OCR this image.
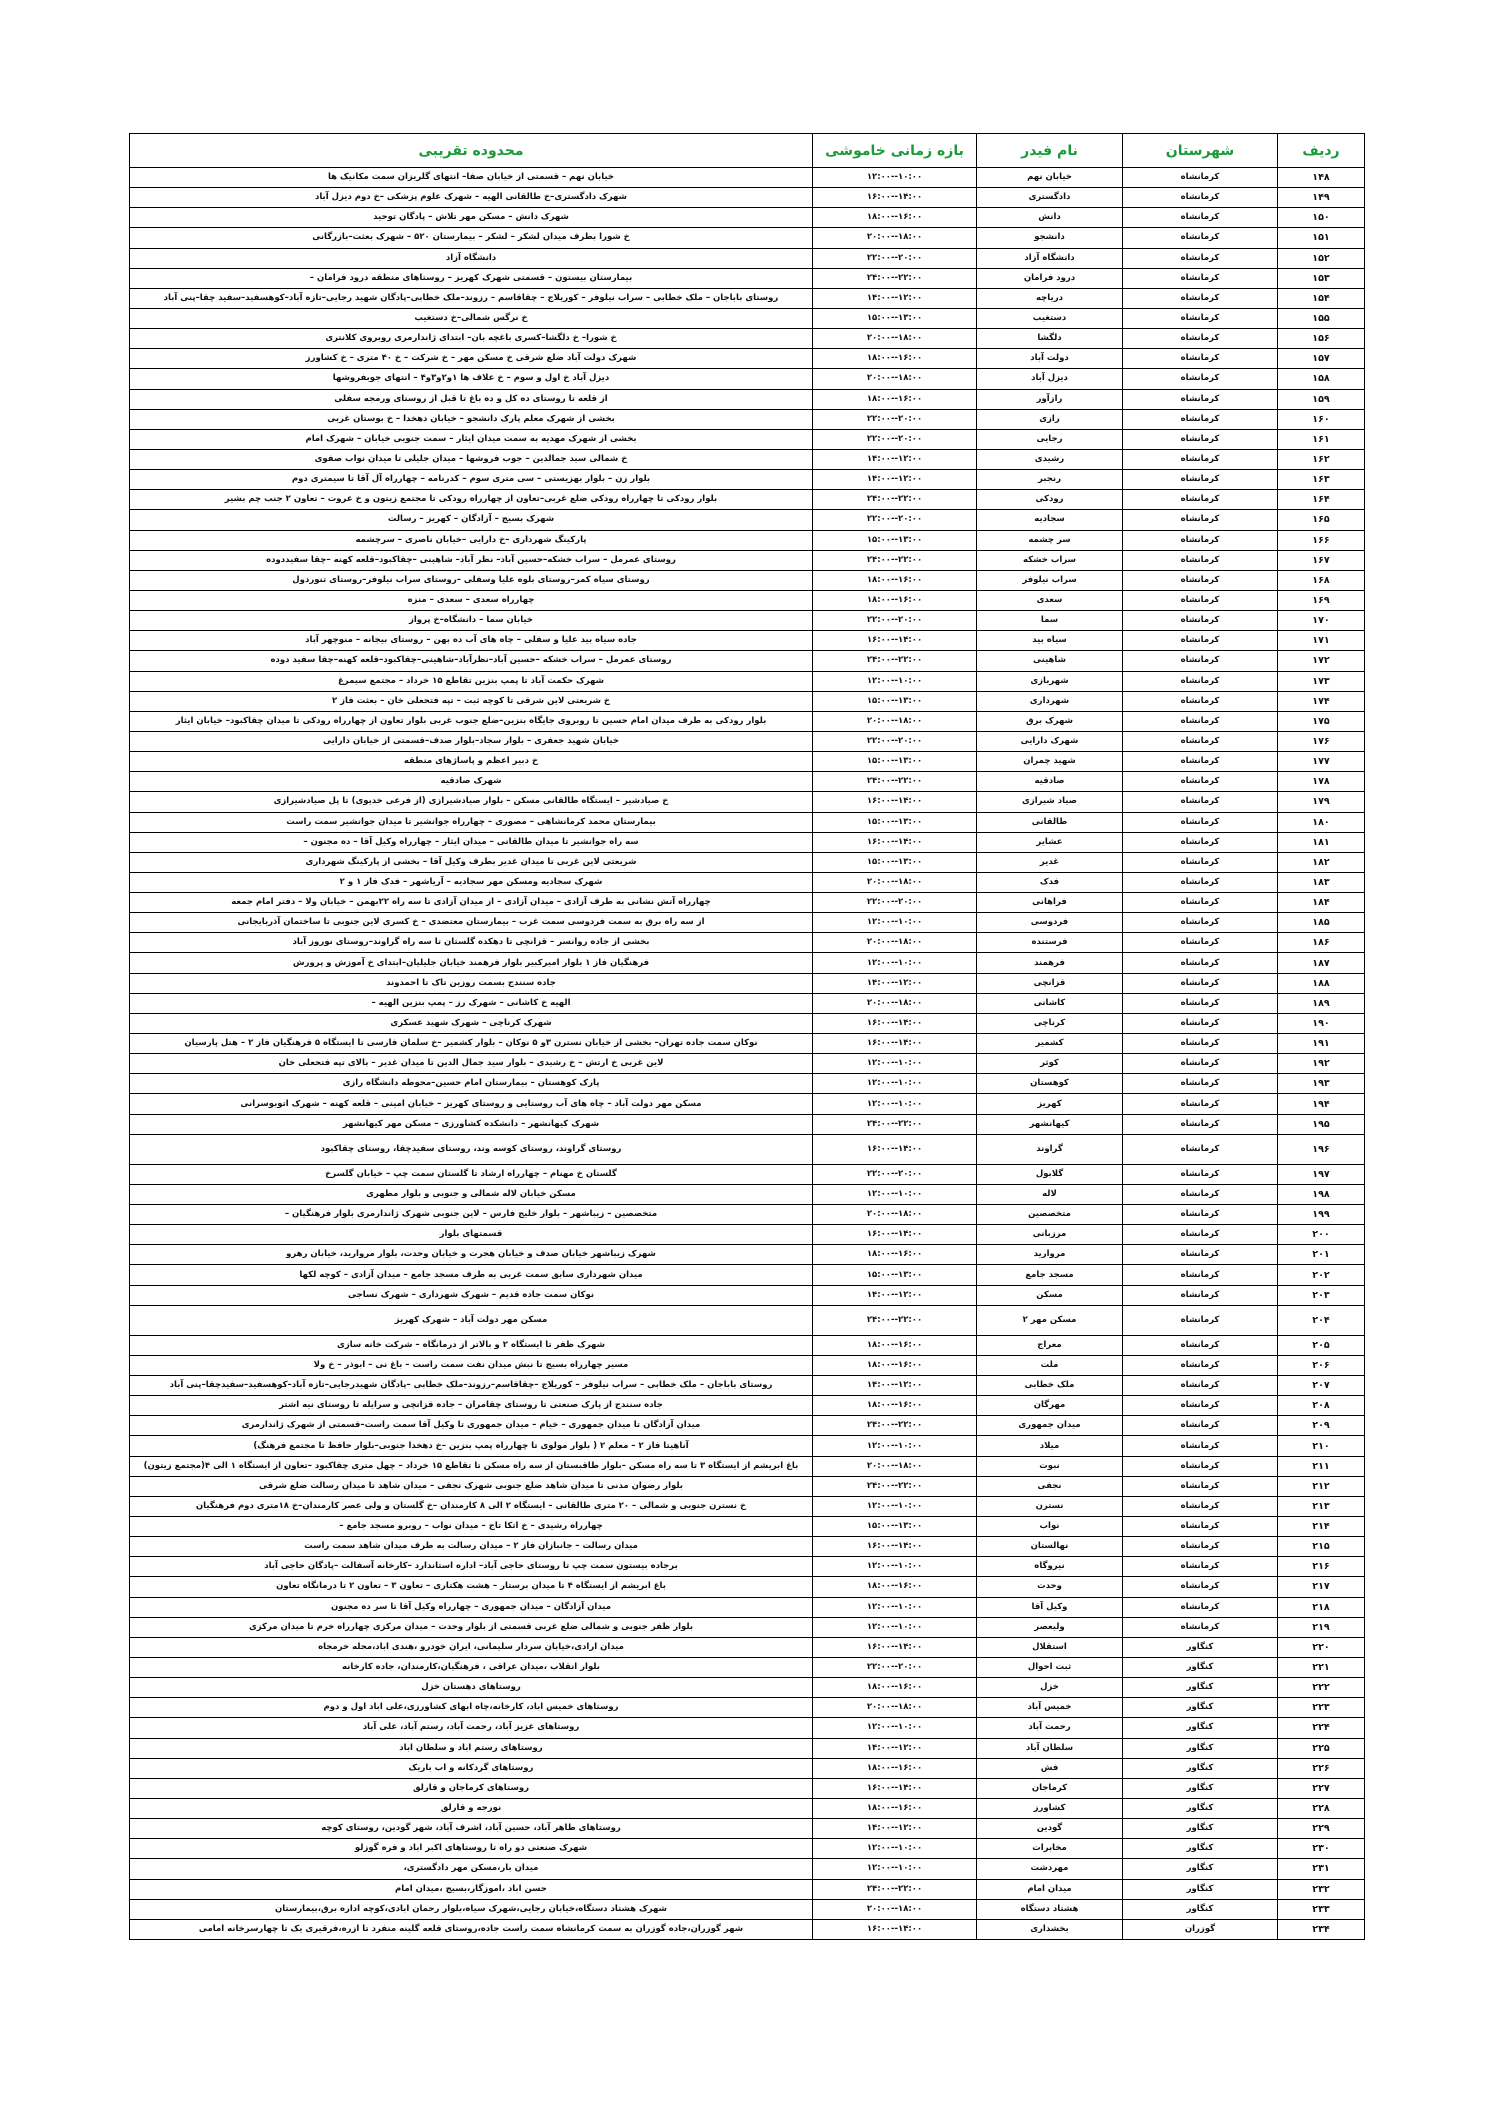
ردیف	شهرستان	نام فیدر	بازه زمانی خاموشی	محدوده تقریبی
۱۴۸	کرمانشاه	خیابان نهم	۱۰:۰۰--۱۲:۰۰	خیابان نهم – قسمتی از خیابان صفا– انتهای گلریزان سمت مکانیک ها
۱۴۹	کرمانشاه	دادگستری	۱۴:۰۰--۱۶:۰۰	شهرک دادگستری–خ طالقانی الهیه – شهرک علوم پزشکی –خ دوم دیزل آباد
۱۵۰	کرمانشاه	دانش	۱۶:۰۰--۱۸:۰۰	شهرک دانش – مسکن مهر تلاش – پادگان توحید
۱۵۱	کرمانشاه	دانشجو	۱۸:۰۰--۲۰:۰۰	خ شورا بطرف میدان لشکر – لشکر – بیمارستان ۵۲۰ – شهرک بعثت–بازرگانی
۱۵۲	کرمانشاه	دانشگاه آزاد	۲۰:۰۰--۲۲:۰۰	دانشگاه آزاد
۱۵۳	کرمانشاه	درود فرامان	۲۲:۰۰--۲۴:۰۰	بیمارستان بیستون – قسمتی شهرک کهریز – روستاهای منطقه درود فرامان –
۱۵۴	کرمانشاه	دریاچه	۱۲:۰۰--۱۴:۰۰	روستای باباجان – ملک خطابی – سراب نیلوفر – کوریلاج – چقاقاسم – رزوند–ملک خطابی–پادگان شهید رجایی–تازه آباد–کوهسفید–سفید چقا–پنی آباد
۱۵۵	کرمانشاه	دستغیب	۱۳:۰۰--۱۵:۰۰	خ نرگس شمالی–خ دستغیب
۱۵۶	کرمانشاه	دلگشا	۱۸:۰۰--۲۰:۰۰	خ شورا– خ دلگشا–کسری باغچه بان– ابتدای ژاندارمری روبروی کلانتری
۱۵۷	کرمانشاه	دولت آباد	۱۶:۰۰--۱۸:۰۰	شهرک دولت آباد ضلع شرقی خ مسکن مهر – خ شرکت – خ ۴۰ متری – خ کشاورز
۱۵۸	کرمانشاه	دیزل آباد	۱۸:۰۰--۲۰:۰۰	دیزل آباد خ اول و سوم – خ علاف ها ۱و۲و۳و۴ – انتهای جوبفروشها
۱۵۹	کرمانشاه	رازآور	۱۶:۰۰--۱۸:۰۰	از قلعه تا روستای ده کل و ده باغ تا قبل از روستای ورمجه سفلی
۱۶۰	کرمانشاه	رازی	۲۰:۰۰--۲۲:۰۰	بخشی از شهرک معلم پارک دانشجو – خیابان دهخدا – خ بوستان غربی
۱۶۱	کرمانشاه	رجایی	۲۰:۰۰--۲۲:۰۰	بخشی از شهرک مهدیه به سمت میدان ایثار – سمت جنوبی خیابان – شهرک امام
۱۶۲	کرمانشاه	رشیدی	۱۲:۰۰--۱۴:۰۰	خ شمالی سید جمالدین – جوب فروشها – میدان جلیلی تا میدان نواب صفوی
۱۶۳	کرمانشاه	رنجبر	۱۲:۰۰--۱۴:۰۰	بلوار زن – بلوار بهزیستی – سی متری سوم – کدرنامه – چهارراه آل آقا تا سیمتری دوم
۱۶۴	کرمانشاه	رودکی	۲۲:۰۰--۲۴:۰۰	بلوار رودکی تا چهارراه رودکی ضلع غربی–تعاون از چهارراه رودکی تا مجتمع زیتون و خ عروت – تعاون ۲ جنب چم بشیر
۱۶۵	کرمانشاه	سجادیه	۲۰:۰۰--۲۲:۰۰	شهرک بسیج – آزادگان – کهریز – رسالت
۱۶۶	کرمانشاه	سر چشمه	۱۳:۰۰--۱۵:۰۰	پارکینگ شهرداری –خ دارایی –خیابان ناصری – سرچشمه
۱۶۷	کرمانشاه	سراب خشکه	۲۲:۰۰--۲۴:۰۰	روستای عمرمل – سراب خشکه–حسین آباد– نظر آباد– شاهینی –چقاکبود–قلعه کهنه –چقا سفیددوده
۱۶۸	کرمانشاه	سراب نیلوفر	۱۶:۰۰--۱۸:۰۰	روستای سیاه کمر–روستای بلوه علیا وسفلی –روستای سراب نیلوفر–روستای تنوردول
۱۶۹	کرمانشاه	سعدی	۱۶:۰۰--۱۸:۰۰	چهارراه سعدی – سعدی – منزه
۱۷۰	کرمانشاه	سما	۲۰:۰۰--۲۲:۰۰	خیابان سما – دانشگاه–خ پرواز
۱۷۱	کرمانشاه	سیاه بید	۱۴:۰۰--۱۶:۰۰	جاده سیاه بید علیا و سفلی – چاه های آب ده بهن – روستای بیجانه – منوچهر آباد
۱۷۲	کرمانشاه	شاهینی	۲۲:۰۰--۲۴:۰۰	روستای عمرمل – سراب خشکه –حسین آباد–نظرآباد–شاهینی–چقاکبود–قلعه کهنه–چقا سفید دوده
۱۷۳	کرمانشاه	شهربازی	۱۰:۰۰--۱۲:۰۰	شهرک حکمت آباد تا پمپ بنزین تقاطع ۱۵ خرداد – مجتمع سیمرغ
۱۷۴	کرمانشاه	شهرداری	۱۳:۰۰--۱۵:۰۰	خ شریعتی لاین شرقی تا کوچه ثبت – تپه فتحعلی خان – بعثت فاز ۲
۱۷۵	کرمانشاه	شهرک برق	۱۸:۰۰--۲۰:۰۰	بلوار رودکی به طرف میدان امام حسین تا روبروی جایگاه بنزین–ضلع جنوب غربی بلوار تعاون از چهارراه رودکی تا میدان چقاکبود– خیابان ایثار
۱۷۶	کرمانشاه	شهرک دارایی	۲۰:۰۰--۲۲:۰۰	خیابان شهید جعفری – بلوار سجاد–بلوار صدف–قسمتی از خیابان دارایی
۱۷۷	کرمانشاه	شهید چمران	۱۳:۰۰--۱۵:۰۰	خ دبیر اعظم و پاساژهای منطقه
۱۷۸	کرمانشاه	صادقیه	۲۲:۰۰--۲۴:۰۰	شهرک صادقیه
۱۷۹	کرمانشاه	صیاد شیرازی	۱۴:۰۰--۱۶:۰۰	خ صیادشیر – ایستگاه طالقانی مسکن – بلوار صیادشیرازی (از فرعی خدیوی) تا پل صیادشیرازی
۱۸۰	کرمانشاه	طالقانی	۱۳:۰۰--۱۵:۰۰	بیمارستان محمد کرمانشاهی – مصوری – چهارراه جوانشیر تا میدان جوانشیر سمت راست
۱۸۱	کرمانشاه	عشایر	۱۴:۰۰--۱۶:۰۰	سه راه جوانشیر تا میدان طالقانی – میدان ایثار – چهارراه وکیل آقا – ده مجنون –
۱۸۲	کرمانشاه	غدیر	۱۳:۰۰--۱۵:۰۰	شریعتی لاین غربی تا میدان غدیر بطرف وکیل آقا – بخشی از پارکینگ شهرداری
۱۸۳	کرمانشاه	فدک	۱۸:۰۰--۲۰:۰۰	شهرک سجادیه ومسکن مهر سجادیه – آریاشهر – فدک فاز ۱ و ۲
۱۸۴	کرمانشاه	فراهانی	۲۰:۰۰--۲۲:۰۰	چهارراه آتش نشانی به طرف آزادی – میدان آزادی – از میدان آزادی تا سه راه ۲۲بهمن – خیابان ولا – دفتر امام جمعه
۱۸۵	کرمانشاه	فردوسی	۱۰:۰۰--۱۲:۰۰	از سه راه برق به سمت فردوسی سمت غرب – بیمارستان معتضدی – خ کسری لاین جنوبی تا ساختمان آذربایجانی
۱۸۶	کرمانشاه	فرستنده	۱۸:۰۰--۲۰:۰۰	بخشی از جاده روانسر – قزانچی تا دهکده گلستان تا سه راه گراوند–روستای نوروز آباد
۱۸۷	کرمانشاه	فرهمند	۱۰:۰۰--۱۲:۰۰	فرهنگیان فاز ۱ بلوار امیرکبیر بلوار فرهمند خیابان جلیلیان–ابتدای خ آموزش و پرورش
۱۸۸	کرمانشاه	قزانچی	۱۲:۰۰--۱۴:۰۰	جاده سنندج بسمت روزین تاک تا احمدوند
۱۸۹	کرمانشاه	کاشانی	۱۸:۰۰--۲۰:۰۰	الهیه خ کاشانی – شهرک رز – پمپ بنزین الهیه –
۱۹۰	کرمانشاه	کرناچی	۱۴:۰۰--۱۶:۰۰	شهرک کرناچی – شهرک شهید عسکری
۱۹۱	کرمانشاه	کشمیر	۱۴:۰۰--۱۶:۰۰	نوکان سمت جاده تهران– بخشی از خیابان نسترن ۳و ۵ نوکان – بلوار کشمیر –خ سلمان فارسی تا ایستگاه ۵ فرهنگیان فاز ۲ – هتل پارسیان
۱۹۲	کرمانشاه	کوثر	۱۰:۰۰--۱۲:۰۰	لاین غربی خ ارتش – خ رشیدی – بلوار سید جمال الدین تا میدان غدیر – بالای تپه فتحعلی خان
۱۹۳	کرمانشاه	کوهستان	۱۰:۰۰--۱۲:۰۰	پارک کوهستان – بیمارستان امام حسین–محوطه دانشگاه رازی
۱۹۴	کرمانشاه	کهریز	۱۰:۰۰--۱۲:۰۰	مسکن مهر دولت آباد – چاه های آب روستایی و روستای کهریز – خیابان امینی – قلعه کهنه – شهرک اتوبوسرانی
۱۹۵	کرمانشاه	کیهانشهر	۲۲:۰۰--۲۴:۰۰	شهرک کیهانشهر – دانشکده کشاورزی – مسکن مهر کیهانشهر
۱۹۶	کرمانشاه	گراوند	۱۴:۰۰--۱۶:۰۰	روستای گراوند، روستای کوسه وند، روستای سفیدچقا، روستای چقاکبود
۱۹۷	کرمانشاه	گلابول	۲۰:۰۰--۲۲:۰۰	گلستان خ مهنام – چهارراه ارشاد تا گلستان سمت چپ – خیابان گلسرخ
۱۹۸	کرمانشاه	لاله	۱۰:۰۰--۱۲:۰۰	مسکن خیابان لاله شمالی و جنوبی و بلوار مطهری
۱۹۹	کرمانشاه	متخصصین	۱۸:۰۰--۲۰:۰۰	متخصصین – زیباشهر – بلوار خلیج فارس – لاین جنوبی شهرک ژاندارمری بلوار فرهنگیان –
۲۰۰	کرمانشاه	مرزبانی	۱۴:۰۰--۱۶:۰۰	قسمتهای بلوار
۲۰۱	کرمانشاه	مروارید	۱۶:۰۰--۱۸:۰۰	شهرک زیباشهر خیابان صدف و خیابان هجرت و خیابان وحدت، بلوار مروارید، خیابان رهرو
۲۰۲	کرمانشاه	مسجد جامع	۱۳:۰۰--۱۵:۰۰	میدان شهرداری سابق سمت غربی به طرف مسجد جامع – میدان آزادی – کوچه لکها
۲۰۳	کرمانشاه	مسکن	۱۲:۰۰--۱۴:۰۰	نوکان سمت جاده قدیم – شهرک شهرداری – شهرک نساجی
۲۰۴	کرمانشاه	مسکن مهر ۲	۲۲:۰۰--۲۴:۰۰	مسکن مهر دولت آباد – شهرک کهریز
۲۰۵	کرمانشاه	معراج	۱۶:۰۰--۱۸:۰۰	شهرک ظفر تا ایستگاه ۲ و بالاتر از درمانگاه – شرکت خانه سازی
۲۰۶	کرمانشاه	ملت	۱۶:۰۰--۱۸:۰۰	مسیر چهارراه بسیج تا نبش میدان نفت سمت راست – باغ نی – ابوذر – خ ولا
۲۰۷	کرمانشاه	ملک خطابی	۱۲:۰۰--۱۴:۰۰	روستای باباجان – ملک خطابی – سراب نیلوفر – کوریلاج –چقاقاسم–رزوند–ملک خطابی –پادگان شهیدرجایی–تازه آباد–کوهسفید–سفیدچقا–پنی آباد
۲۰۸	کرمانشاه	مهرگان	۱۶:۰۰--۱۸:۰۰	جاده سنندج از پارک صنعتی تا روستای چقامران – جاده قزانچی و سرایله تا روستای نیه اشتر
۲۰۹	کرمانشاه	میدان جمهوری	۲۲:۰۰--۲۴:۰۰	میدان آزادگان تا میدان جمهوری – خیام – میدان جمهوری تا وکیل آقا سمت راست–قسمتی از شهرک ژاندارمری
۲۱۰	کرمانشاه	میلاد	۱۰:۰۰--۱۲:۰۰	آناهیتا فاز ۲ – معلم ۲ ( بلوار مولوی تا چهارراه پمپ بنزین –خ دهخدا جنوبی–بلوار حافظ تا مجتمع فرهنگ)
۲۱۱	کرمانشاه	نبوت	۱۸:۰۰--۲۰:۰۰	باغ ابریشم از ایستگاه ۳ تا سه راه مسکن –بلوار طاقبستان از سه راه مسکن تا تقاطع ۱۵ خرداد – چهل متری چقاکبود –تعاون از ایستگاه ۱ الی ۴(مجتمع زیتون)
۲۱۲	کرمانشاه	نجفی	۲۲:۰۰--۲۴:۰۰	بلوار رضوان مدنی تا میدان شاهد ضلع جنوبی شهرک نجفی – میدان شاهد تا میدان رسالت ضلع شرقی
۲۱۳	کرمانشاه	نسترن	۱۰:۰۰--۱۲:۰۰	خ نسترن جنوبی و شمالی – ۲۰ متری طالقانی – ایستگاه ۲ الی ۸ کارمندان –خ گلستان و ولی عصر کارمندان–خ ۱۸متری دوم فرهنگیان
۲۱۴	کرمانشاه	نواب	۱۳:۰۰--۱۵:۰۰	چهارراه رشیدی – خ اتکا تاج – میدان نواب – روبرو مسجد جامع –
۲۱۵	کرمانشاه	نهالستان	۱۴:۰۰--۱۶:۰۰	میدان رسالت – جانبازان فاز ۲ – میدان رسالت به طرف میدان شاهد سمت راست
۲۱۶	کرمانشاه	نیروگاه	۱۰:۰۰--۱۲:۰۰	برجاده بیستون سمت چپ تا روستای حاجی آباد– اداره استاندارد –کارخانه آسفالت –پادگان حاجی آباد
۲۱۷	کرمانشاه	وحدت	۱۶:۰۰--۱۸:۰۰	باغ ابریشم از ایستگاه ۴ تا میدان برستار – هشت هکتاری – تعاون ۳ – تعاون ۲ تا درمانگاه تعاون
۲۱۸	کرمانشاه	وکیل آقا	۱۰:۰۰--۱۲:۰۰	میدان آزادگان – میدان جمهوری – چهارراه وکیل آقا تا سر ده مجنون
۲۱۹	کرمانشاه	ولیعصر	۱۰:۰۰--۱۲:۰۰	بلوار ظفر جنوبی و شمالی ضلع غربی قسمتی از بلوار وحدت – میدان مرکزی چهارراه خرم تا میدان مرکزی
۲۲۰	کنگاور	استقلال	۱۴:۰۰--۱۶:۰۰	میدان ارادی،خیابان سردار سلیمانی، ایران خودرو ،هندی اباد،محله خرمجاه
۲۲۱	کنگاور	ثبت احوال	۲۰:۰۰--۲۲:۰۰	بلوار انقلاب ،میدان عراقی ، فرهنگیان،کارمندان، جاده کارخانه
۲۲۲	کنگاور	خزل	۱۶:۰۰--۱۸:۰۰	روستاهای دهستان خزل
۲۲۳	کنگاور	خمیس آباد	۱۸:۰۰--۲۰:۰۰	روستاهای خمیس اباد، کارخانه،چاه ابهای کشاورزی،علی اباد اول و دوم
۲۲۴	کنگاور	رحمت آباد	۱۰:۰۰--۱۲:۰۰	روستاهای عزیز آباد، رحمت آباد، رستم آباد، علی آباد
۲۲۵	کنگاور	سلطان آباد	۱۲:۰۰--۱۴:۰۰	روستاهای رستم اباد و سلطان اباد
۲۲۶	کنگاور	فش	۱۶:۰۰--۱۸:۰۰	روستاهای گردکانه و اب باریک
۲۲۷	کنگاور	کرماجان	۱۴:۰۰--۱۶:۰۰	روستاهای کرماجان و قارلق
۲۲۸	کنگاور	کشاورز	۱۶:۰۰--۱۸:۰۰	نورجه و قارلق
۲۲۹	کنگاور	گودین	۱۲:۰۰--۱۴:۰۰	روستاهای طاهر آباد، حسین آباد، اشرف آباد، شهر گودین، روستای کوچه
۲۳۰	کنگاور	مخابرات	۱۰:۰۰--۱۲:۰۰	شهرک صنعتی دو راه تا روستاهای اکبر اباد و فره گوزلو
۲۳۱	کنگاور	مهردشت	۱۰:۰۰--۱۲:۰۰	میدان بار،مسکن مهر دادگستری،
۲۳۲	کنگاور	میدان امام	۲۲:۰۰--۲۴:۰۰	حسن اباد ،اموزگار،بسیج ،میدان امام
۲۳۳	کنگاور	هشتاد دستگاه	۱۸:۰۰--۲۰:۰۰	شهرک هشتاد دستگاه،خیابان رجایی،شهرک سیاه،بلوار رحمان ابادی،کوچه اداره برق،بیمارستان
۲۳۴	گوزران	بخشداری	۱۴:۰۰--۱۶:۰۰	شهر گوزران،جاده گوزران به سمت کرمانشاه سمت راست جاده،روستای قلعه گلینه منفرد تا ازره،فرقیری یک تا چهارسرخانه امامی
